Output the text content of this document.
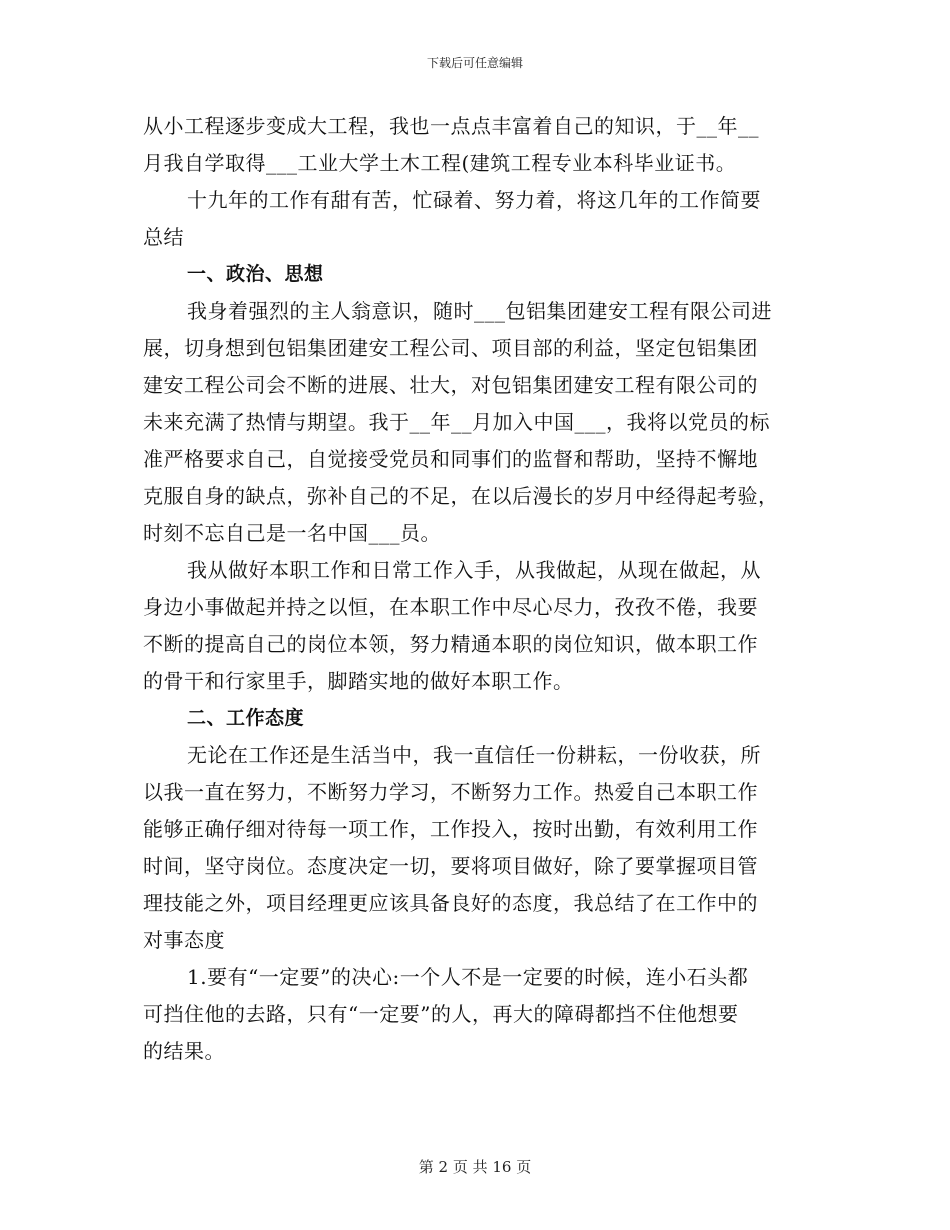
下载后可任意编辑
从小工程逐步变成大工程，我也一点点丰富着自己的知识，于__年__
月我自学取得___工业大学土木工程(建筑工程专业本科毕业证书。
十九年的工作有甜有苦，忙碌着、努力着，将这几年的工作简要
总结
一、政治、思想
我身着强烈的主人翁意识，随时___包铝集团建安工程有限公司进
展，切身想到包铝集团建安工程公司、项目部的利益，坚定包铝集团
建安工程公司会不断的进展、壮大，对包铝集团建安工程有限公司的
未来充满了热情与期望。我于__年__月加入中国___，我将以党员的标
准严格要求自己，自觉接受党员和同事们的监督和帮助，坚持不懈地
克服自身的缺点，弥补自己的不足，在以后漫长的岁月中经得起考验，
时刻不忘自己是一名中国___员。
我从做好本职工作和日常工作入手，从我做起，从现在做起，从
身边小事做起并持之以恒，在本职工作中尽心尽力，孜孜不倦，我要
不断的提高自己的岗位本领，努力精通本职的岗位知识，做本职工作
的骨干和行家里手，脚踏实地的做好本职工作。
二、工作态度
无论在工作还是生活当中，我一直信任一份耕耘，一份收获，所
以我一直在努力，不断努力学习，不断努力工作。热爱自己本职工作
能够正确仔细对待每一项工作，工作投入，按时出勤，有效利用工作
时间，坚守岗位。态度决定一切，要将项目做好，除了要掌握项目管
理技能之外，项目经理更应该具备良好的态度，我总结了在工作中的
对事态度
1.要有“一定要”的决心:一个人不是一定要的时候，连小石头都
可挡住他的去路，只有“一定要”的人，再大的障碍都挡不住他想要
的结果。
第 2 页 共 16 页
